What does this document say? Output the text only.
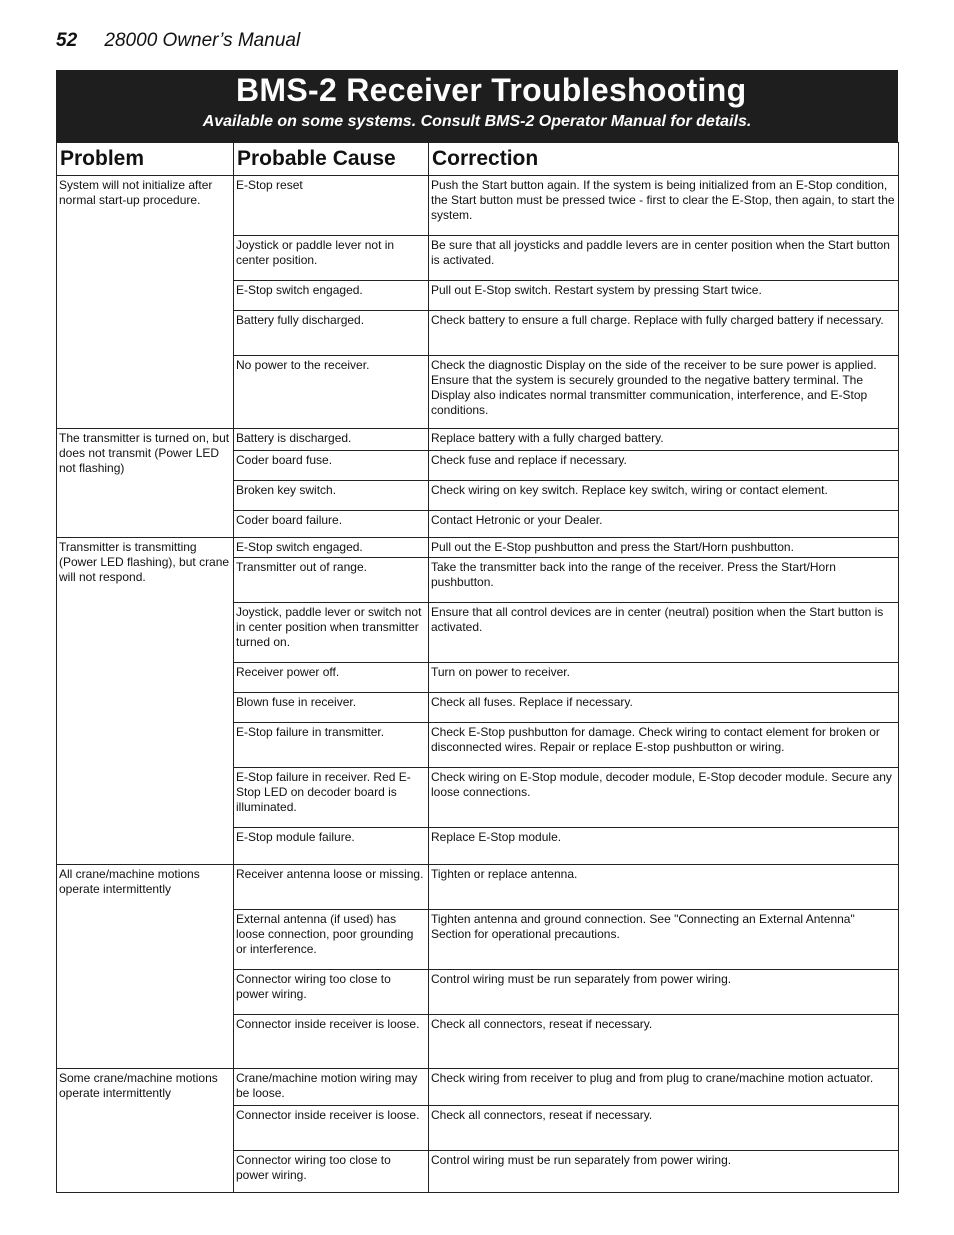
52 28000 Owner’s Manual
BMS-2 Receiver Troubleshooting
Available on some systems. Consult BMS-2 Operator Manual for details.
Problem	Probable Cause	Correction
System will not initialize after normal start-up procedure.	E-Stop reset	Push the Start button again. If the system is being initialized from an E-Stop condition, the Start button must be pressed twice - first to clear the E-Stop, then again, to start the system.
	Joystick or paddle lever not in center position.	Be sure that all joysticks and paddle levers are in center position when the Start button is activated.
	E-Stop switch engaged.	Pull out E-Stop switch. Restart system by pressing Start twice.
	Battery fully discharged.	Check battery to ensure a full charge. Replace with fully charged battery if necessary.
	No power to the receiver.	Check the diagnostic Display on the side of the receiver to be sure power is applied. Ensure that the system is securely grounded to the negative battery terminal. The Display also indicates normal transmitter communication, interference, and E-Stop conditions.
The transmitter is turned on, but does not transmit (Power LED not flashing)	Battery is discharged.	Replace battery with a fully charged battery.
	Coder board fuse.	Check fuse and replace if necessary.
	Broken key switch.	Check wiring on key switch. Replace key switch, wiring or contact element.
	Coder board failure.	Contact Hetronic or your Dealer.
Transmitter is transmitting (Power LED flashing), but crane will not respond.	E-Stop switch engaged.	Pull out the E-Stop pushbutton and press the Start/Horn pushbutton.
	Transmitter out of range.	Take the transmitter back into the range of the receiver. Press the Start/Horn pushbutton.
	Joystick, paddle lever or switch not in center position when transmitter turned on.	Ensure that all control devices are in center (neutral) position when the Start button is activated.
	Receiver power off.	Turn on power to receiver.
	Blown fuse in receiver.	Check all fuses. Replace if necessary.
	E-Stop failure in transmitter.	Check E-Stop pushbutton for damage. Check wiring to contact element for broken or disconnected wires. Repair or replace E-stop pushbutton or wiring.
	E-Stop failure in receiver. Red E-Stop LED on decoder board is illuminated.	Check wiring on E-Stop module, decoder module, E-Stop decoder module. Secure any loose connections.
	E-Stop module failure.	Replace E-Stop module.
All crane/machine motions operate intermittently	Receiver antenna loose or missing.	Tighten or replace antenna.
	External antenna (if used) has loose connection, poor grounding or interference.	Tighten antenna and ground connection. See "Connecting an External Antenna" Section for operational precautions.
	Connector wiring too close to power wiring.	Control wiring must be run separately from power wiring.
	Connector inside receiver is loose.	Check all connectors, reseat if necessary.
Some crane/machine motions operate intermittently	Crane/machine motion wiring may be loose.	Check wiring from receiver to plug and from plug to crane/machine motion actuator.
	Connector inside receiver is loose.	Check all connectors, reseat if necessary.
	Connector wiring too close to power wiring.	Control wiring must be run separately from power wiring.
